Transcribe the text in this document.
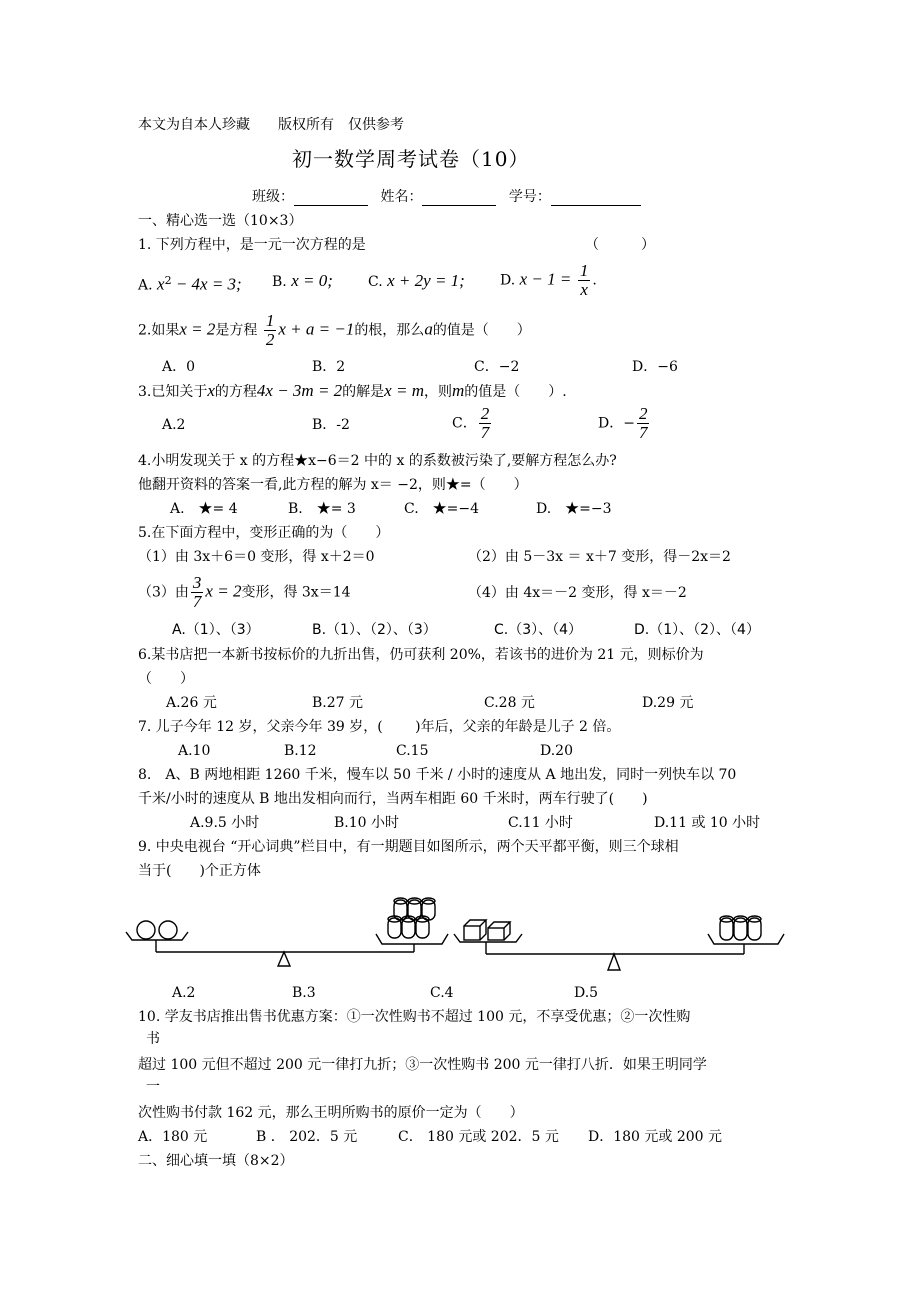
本文为自本人珍藏　　版权所有　仅供参考
初一数学周考试卷（10）
班级：	姓名：	学号：
一、精心选一选（10×3）
1. 下列方程中，是一元一次方程的是	（　　　）
A. $x^2 - 4x = 3$; B. x = 0;	C. x + 2y = 1;	D. $x - 1 = \frac{1}{x}$ .
2.如果x = 2是方程 $\frac{1}{2}$ x + a = −1的根，那么a的值是（　　）
A．0	B．2	C．−2	D．−6
3.已知关于x的方程4x − 3m = 2的解是x = m，则m的值是（　　）.
A.2	B．-2	C． $\frac{2}{7}$	D．− $\frac{2}{7}$
4.小明发现关于 x 的方程★x−6＝2 中的 x 的系数被污染了,要解方程怎么办?
他翻开资料的答案一看,此方程的解为 x＝ −2，则★=（　　）
A.　★= 4	B.　★= 3	C.　★=−4	D.　★=−3
5.在下面方程中，变形正确的为（　　）
（1）由 3x＋6＝0 变形，得 x＋2＝0	（2）由 5－3x ＝ x＋7 变形，得－2x＝2
（3）由 $\frac{3}{7}$ x = 2变形，得 3x＝14	（4）由 4x＝－2 变形，得 x＝－2
A.（1）、（3）	B.（1）、（2）、（3）	C.（3）、（4）	D.（1）、（2）、（4）
6.某书店把一本新书按标价的九折出售，仍可获利 20%，若该书的进价为 21 元，则标价为
（　　）
A.26 元	B.27 元	C.28 元	D.29 元
7. 儿子今年 12 岁，父亲今年 39 岁，(　　 )年后，父亲的年龄是儿子 2 倍。
A.10	B.12	C.15	D.20
8.　A、B 两地相距 1260 千米，慢车以 50 千米 / 小时的速度从 A 地出发，同时一列快车以 70
千米/小时的速度从 B 地出发相向而行，当两车相距 60 千米时，两车行驶了(　　)
A.9.5 小时	B.10 小时	C.11 小时	D.11 或 10 小时
9. 中央电视台 “开心词典”栏目中，有一期题目如图所示，两个天平都平衡，则三个球相
当于(　　)个正方体
A.2	B.3	C.4	D.5
10. 学友书店推出售书优惠方案：①一次性购书不超过 100 元，不享受优惠；②一次性购
书
超过 100 元但不超过 200 元一律打九折；③一次性购书 200 元一律打八折．如果王明同学
一
次性购书付款 162 元，那么王明所购书的原价一定为（　　）
A．180 元	B ． 202．5 元	C． 180 元或 202．5 元 D．180 元或 200 元
二、细心填一填（8×2）
